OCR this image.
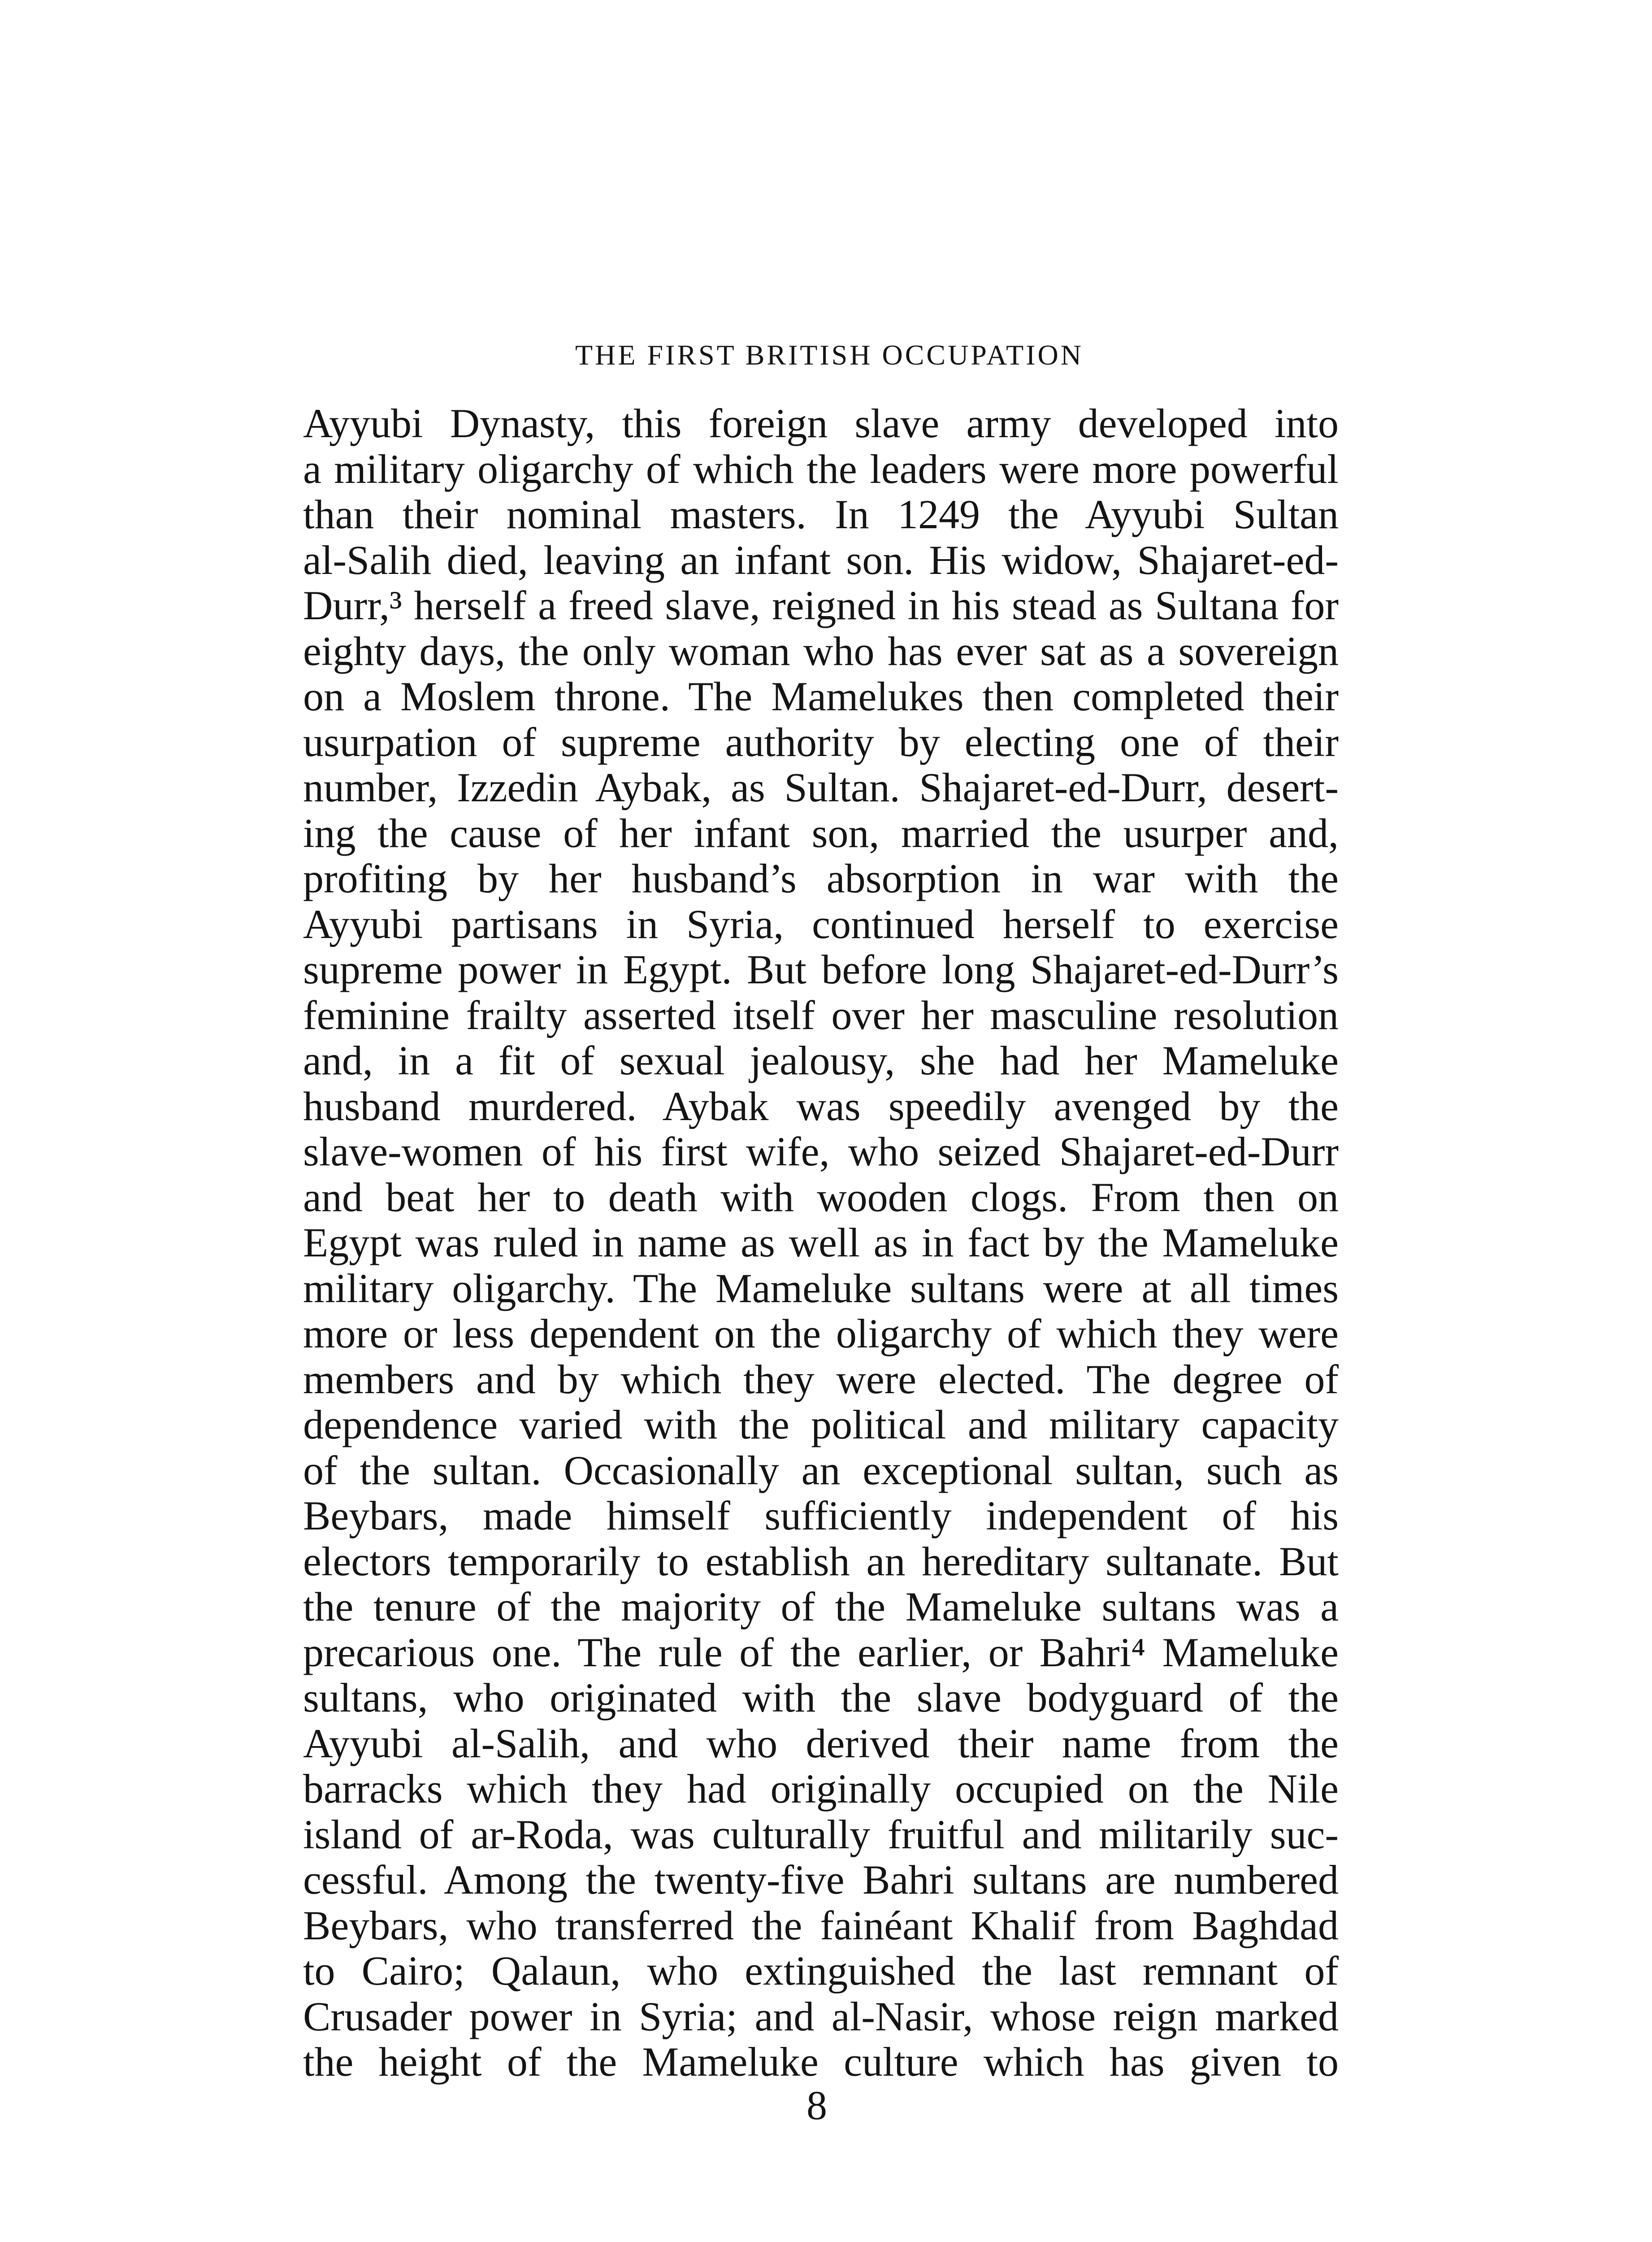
THE FIRST BRITISH OCCUPATION
Ayyubi Dynasty, this foreign slave army developed into
a military oligarchy of which the leaders were more powerful
than their nominal masters. In 1249 the Ayyubi Sultan
al-Salih died, leaving an infant son. His widow, Shajaret-ed-
Durr,³ herself a freed slave, reigned in his stead as Sultana for
eighty days, the only woman who has ever sat as a sovereign
on a Moslem throne. The Mamelukes then completed their
usurpation of supreme authority by electing one of their
number, Izzedin Aybak, as Sultan. Shajaret-ed-Durr, desert-
ing the cause of her infant son, married the usurper and,
profiting by her husband’s absorption in war with the
Ayyubi partisans in Syria, continued herself to exercise
supreme power in Egypt. But before long Shajaret-ed-Durr’s
feminine frailty asserted itself over her masculine resolution
and, in a fit of sexual jealousy, she had her Mameluke
husband murdered. Aybak was speedily avenged by the
slave-women of his first wife, who seized Shajaret-ed-Durr
and beat her to death with wooden clogs. From then on
Egypt was ruled in name as well as in fact by the Mameluke
military oligarchy. The Mameluke sultans were at all times
more or less dependent on the oligarchy of which they were
members and by which they were elected. The degree of
dependence varied with the political and military capacity
of the sultan. Occasionally an exceptional sultan, such as
Beybars, made himself sufficiently independent of his
electors temporarily to establish an hereditary sultanate. But
the tenure of the majority of the Mameluke sultans was a
precarious one. The rule of the earlier, or Bahri⁴ Mameluke
sultans, who originated with the slave bodyguard of the
Ayyubi al-Salih, and who derived their name from the
barracks which they had originally occupied on the Nile
island of ar-Roda, was culturally fruitful and militarily suc-
cessful. Among the twenty-five Bahri sultans are numbered
Beybars, who transferred the fainéant Khalif from Baghdad
to Cairo; Qalaun, who extinguished the last remnant of
Crusader power in Syria; and al-Nasir, whose reign marked
the height of the Mameluke culture which has given to
8
